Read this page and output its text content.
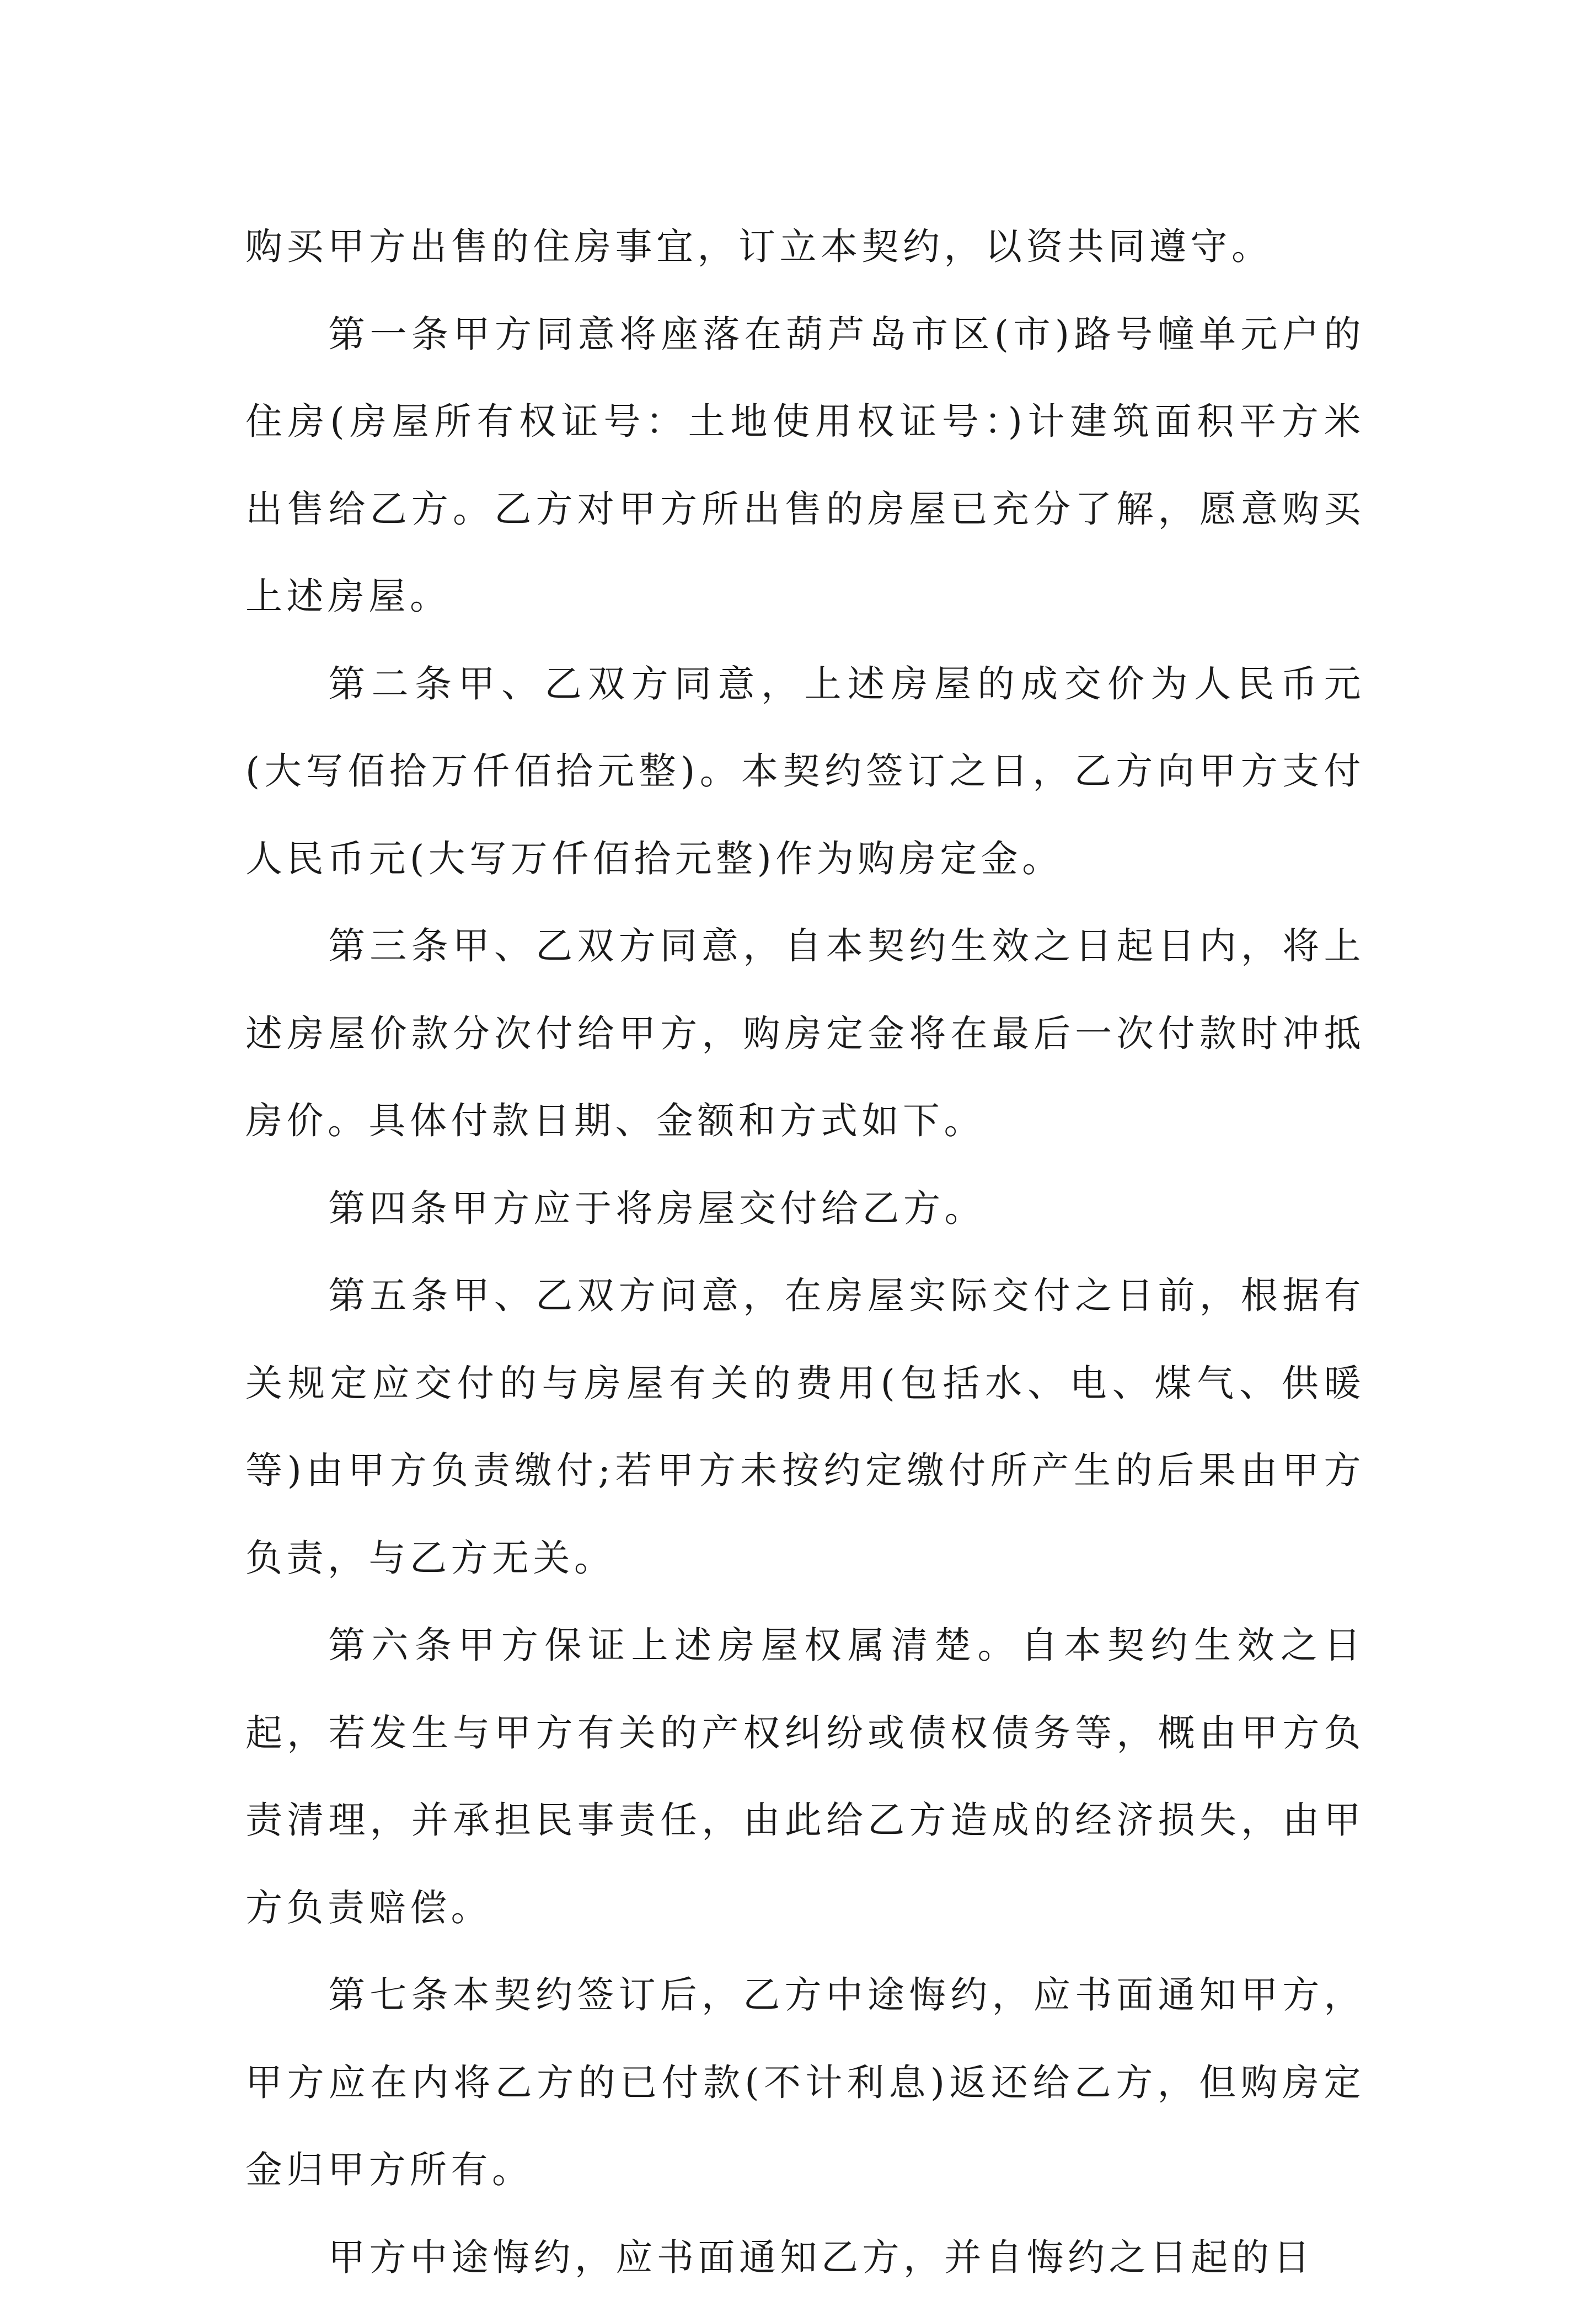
购买甲方出售的住房事宜，订立本契约，以资共同遵守。

第一条甲方同意将座落在葫芦岛市区(市)路号幢单元户的住房(房屋所有权证号：土地使用权证号：)计建筑面积平方米出售给乙方。乙方对甲方所出售的房屋已充分了解，愿意购买上述房屋。

第二条甲、乙双方同意，上述房屋的成交价为人民币元(大写佰拾万仟佰拾元整)。本契约签订之日，乙方向甲方支付人民币元(大写万仟佰拾元整)作为购房定金。

第三条甲、乙双方同意，自本契约生效之日起日内，将上述房屋价款分次付给甲方，购房定金将在最后一次付款时冲抵房价。具体付款日期、金额和方式如下。

第四条甲方应于将房屋交付给乙方。

第五条甲、乙双方问意，在房屋实际交付之日前，根据有关规定应交付的与房屋有关的费用(包括水、电、煤气、供暖等)由甲方负责缴付;若甲方未按约定缴付所产生的后果由甲方负责，与乙方无关。

第六条甲方保证上述房屋权属清楚。自本契约生效之日起，若发生与甲方有关的产权纠纷或债权债务等，概由甲方负责清理，并承担民事责任，由此给乙方造成的经济损失，由甲方负责赔偿。

第七条本契约签订后，乙方中途悔约，应书面通知甲方，甲方应在内将乙方的已付款(不计利息)返还给乙方，但购房定金归甲方所有。

甲方中途悔约，应书面通知乙方，并自悔约之日起的日
